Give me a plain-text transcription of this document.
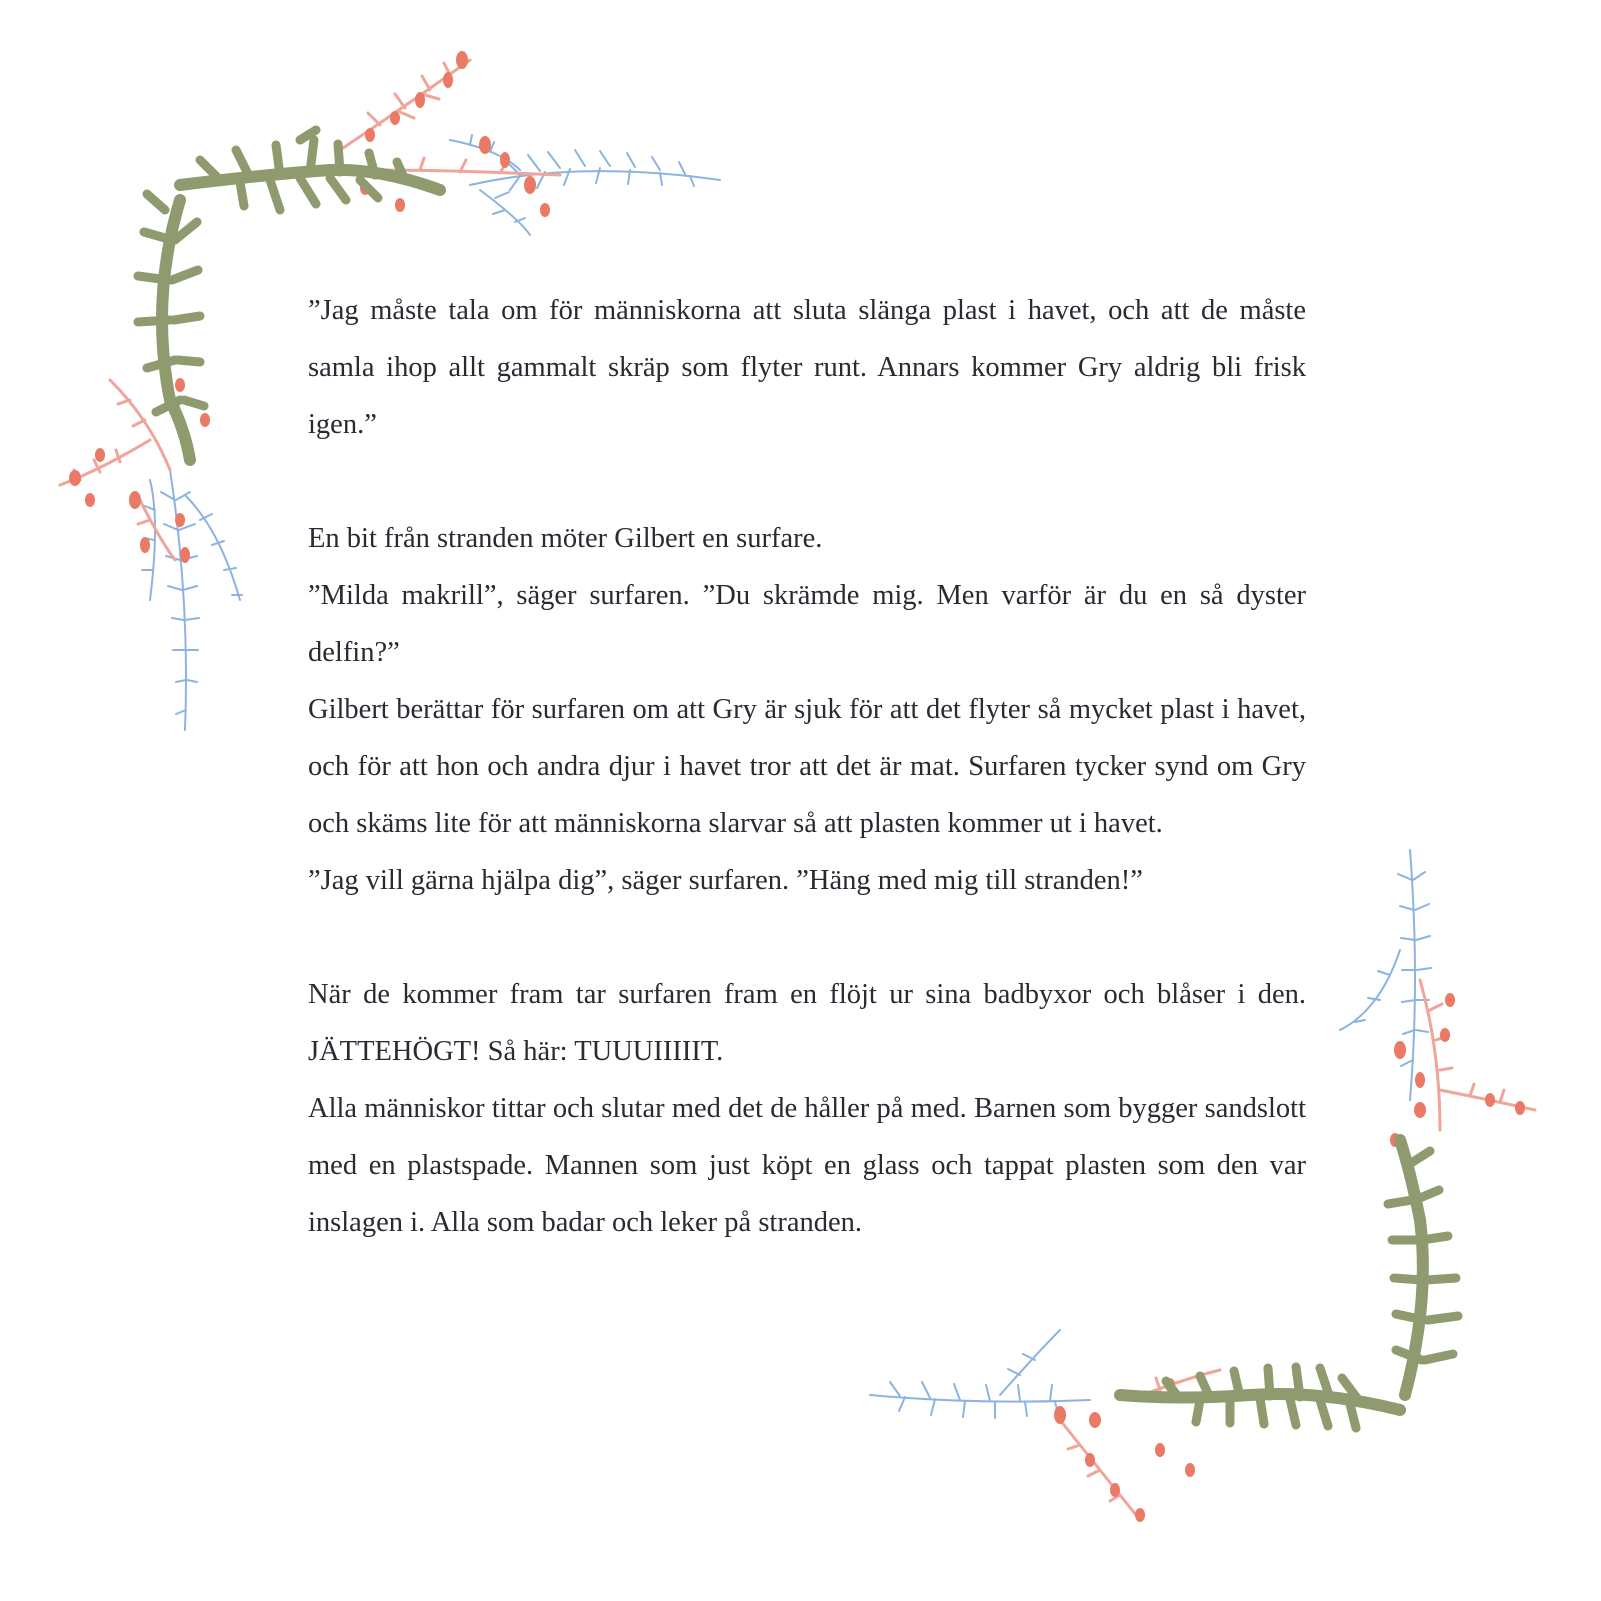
”Jag måste tala om för människorna att sluta slänga plast i havet, och att de måste samla ihop allt gammalt skräp som flyter runt. Annars kommer Gry aldrig bli frisk igen.”

En bit från stranden möter Gilbert en surfare.

”Milda makrill”, säger surfaren. ”Du skrämde mig. Men varför är du en så dyster delfin?”

Gilbert berättar för surfaren om att Gry är sjuk för att det flyter så mycket plast i havet, och för att hon och andra djur i havet tror att det är mat. Surfaren tycker synd om Gry och skäms lite för att människorna slarvar så att plasten kommer ut i havet.

”Jag vill gärna hjälpa dig”, säger surfaren. ”Häng med mig till stranden!”

När de kommer fram tar surfaren fram en flöjt ur sina badbyxor och blåser i den. JÄTTEHÖGT! Så här: TUUUIIIIIT.

Alla människor tittar och slutar med det de håller på med. Barnen som bygger sandslott med en plastspade. Mannen som just köpt en glass och tappat plasten som den var inslagen i. Alla som badar och leker på stranden.
